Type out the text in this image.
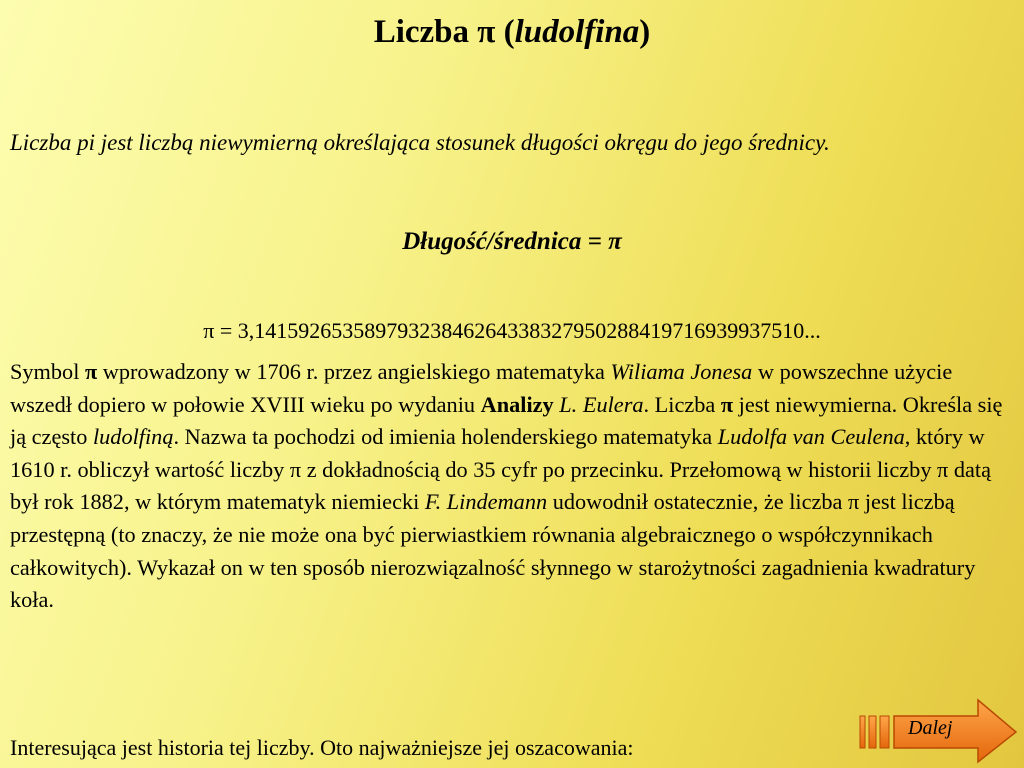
Liczba π (ludolfina)
Liczba pi jest liczbą niewymierną określająca stosunek długości okręgu do jego średnicy.
Długość/średnica = π
π = 3,14159265358979323846264338327950288419716939937510...
Symbol π wprowadzony w 1706 r. przez angielskiego matematyka Wiliama Jonesa w powszechne użycie wszedł dopiero w połowie XVIII wieku po wydaniu Analizy L. Eulera. Liczba π jest niewymierna. Określa się ją często ludolfiną. Nazwa ta pochodzi od imienia holenderskiego matematyka Ludolfa van Ceulena, który w 1610 r. obliczył wartość liczby π z dokładnością do 35 cyfr po przecinku. Przełomową w historii liczby π datą był rok 1882, w którym matematyk niemiecki F. Lindemann udowodnił ostatecznie, że liczba π jest liczbą przestępną (to znaczy, że nie może ona być pierwiastkiem równania algebraicznego o współczynnikach całkowitych). Wykazał on w ten sposób nierozwiązalność słynnego w starożytności zagadnienia kwadratury koła.
Interesująca jest historia tej liczby. Oto najważniejsze jej oszacowania:
Dalej
